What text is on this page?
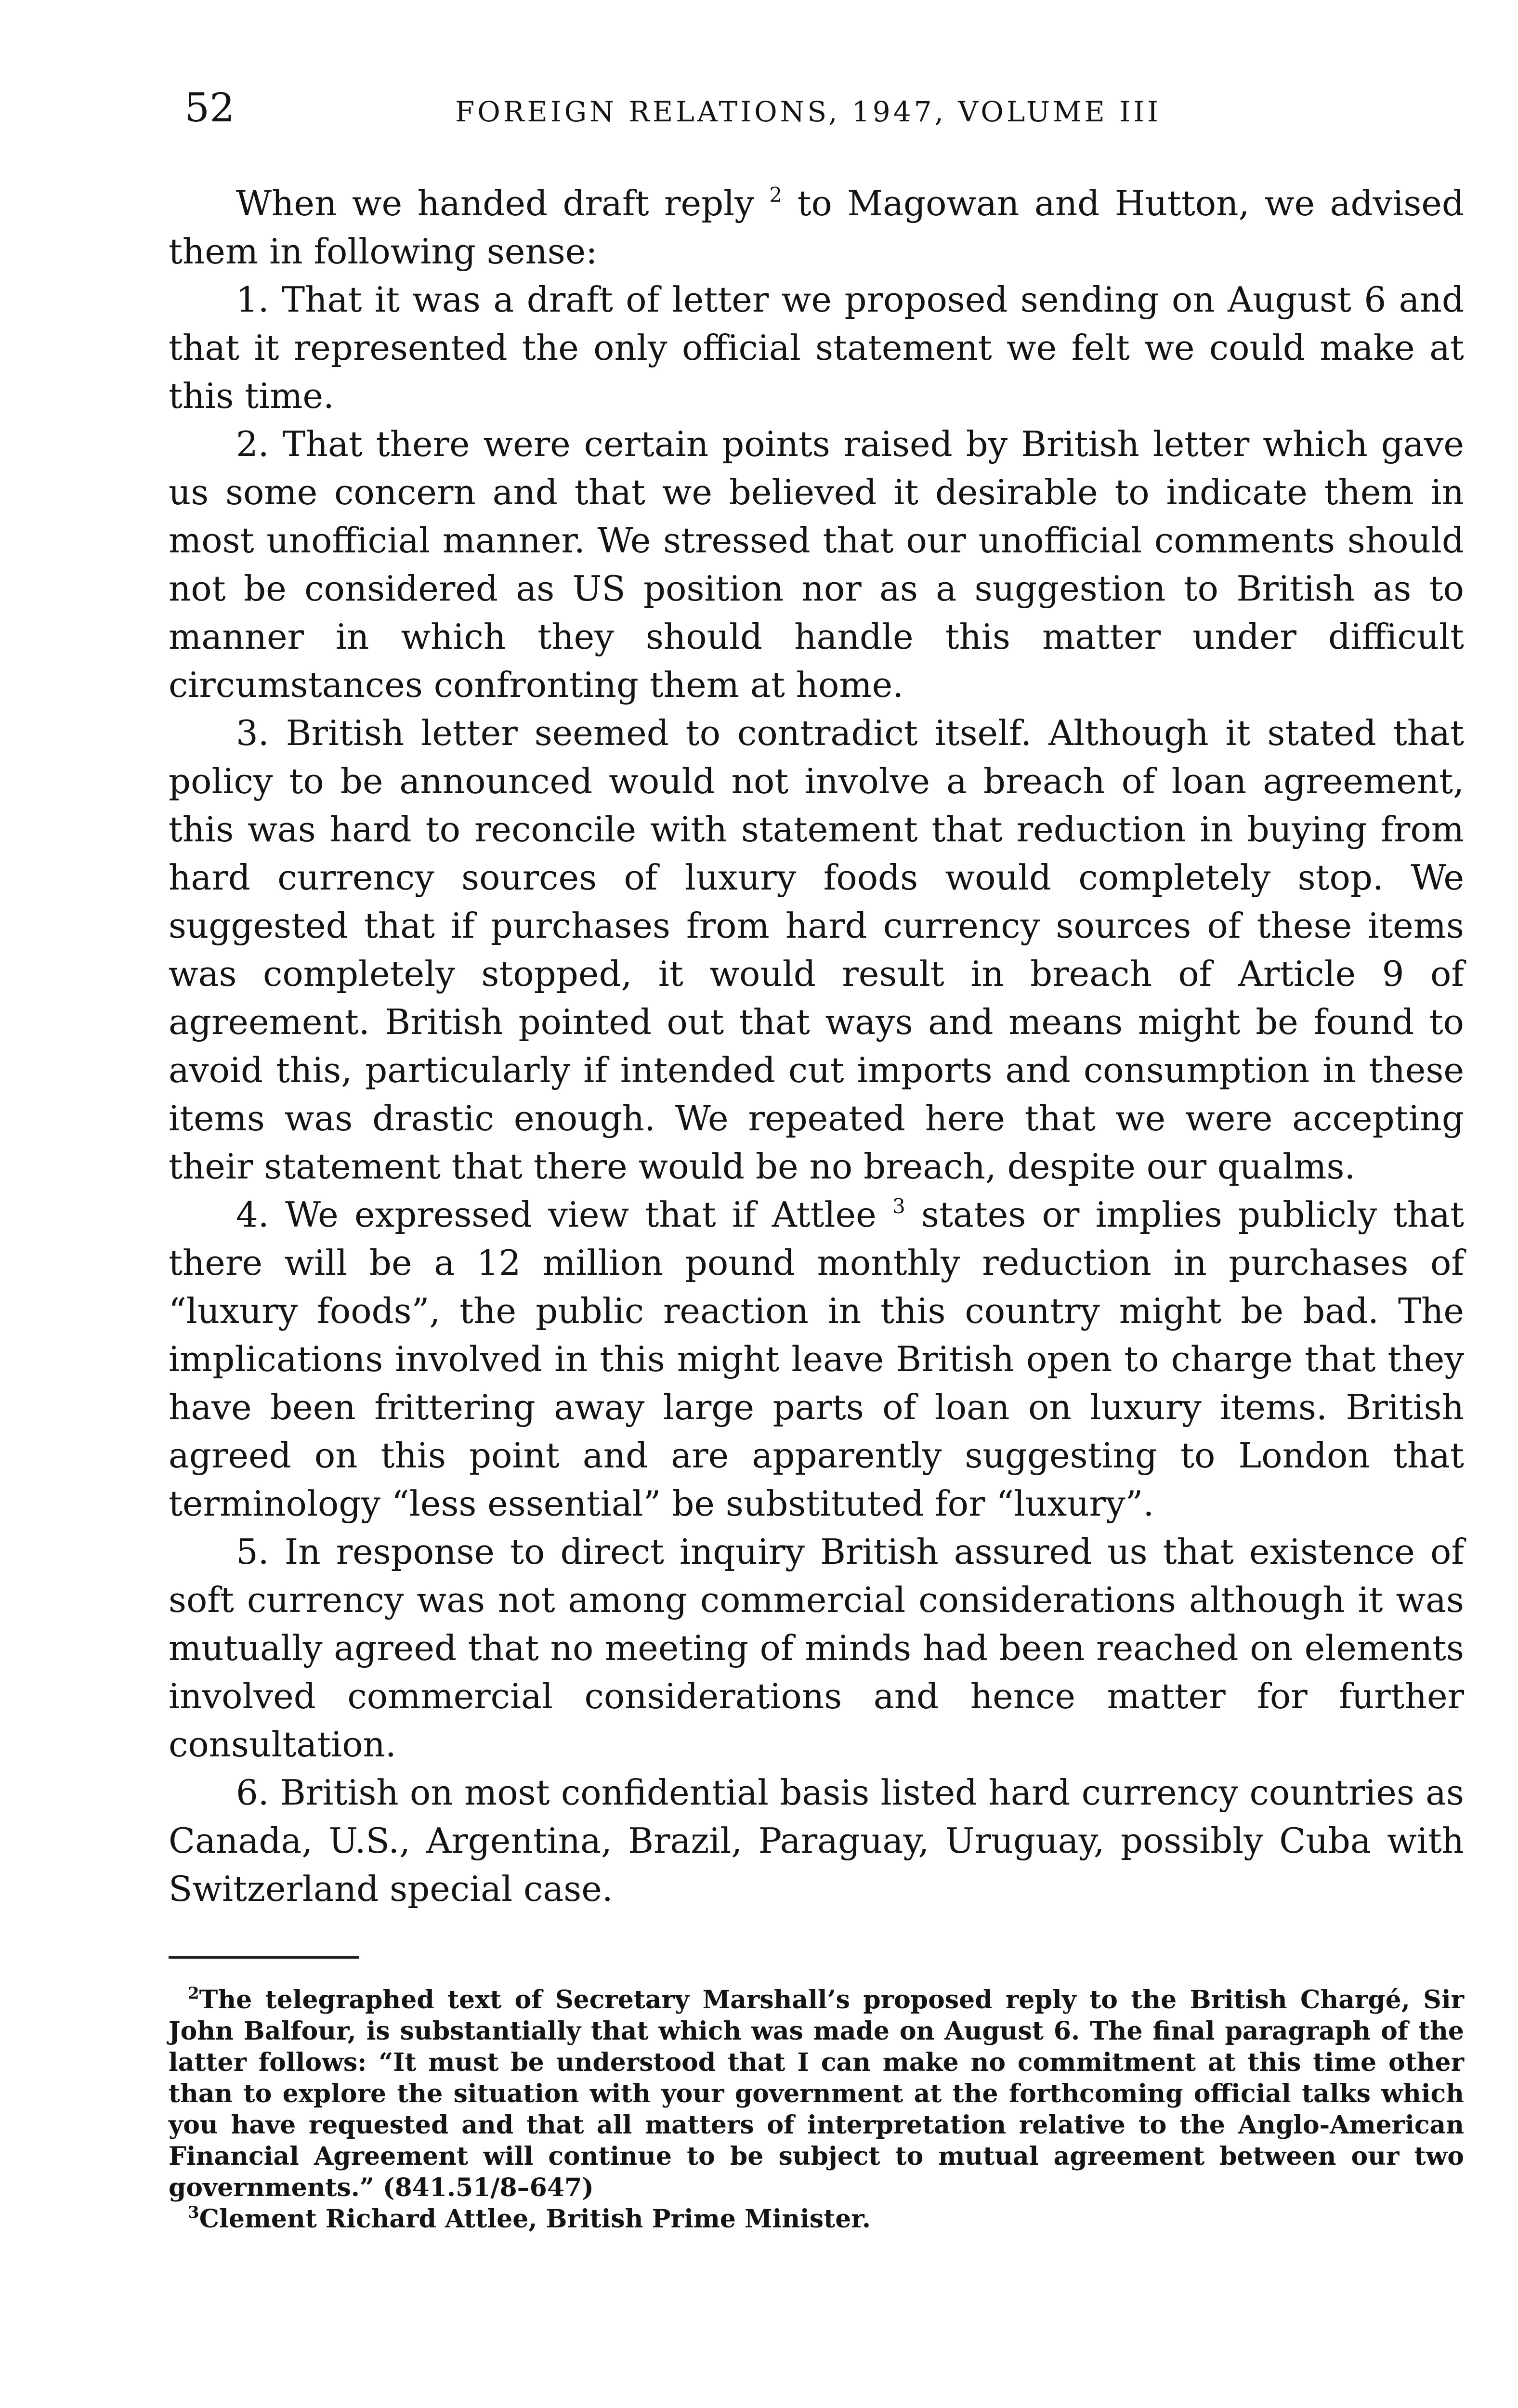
52	FOREIGN RELATIONS, 1947, VOLUME III

When we handed draft reply $^2$ to Magowan and Hutton, we advised them in following sense:

1. That it was a draft of letter we proposed sending on August 6 and that it represented the only official statement we felt we could make at this time.

2. That there were certain points raised by British letter which gave us some concern and that we believed it desirable to indicate them in most unofficial manner. We stressed that our unofficial comments should not be considered as US position nor as a suggestion to British as to manner in which they should handle this matter under difficult circumstances confronting them at home.

3. British letter seemed to contradict itself. Although it stated that policy to be announced would not involve a breach of loan agreement, this was hard to reconcile with statement that reduction in buying from hard currency sources of luxury foods would completely stop. We suggested that if purchases from hard currency sources of these items was completely stopped, it would result in breach of Article 9 of agreement. British pointed out that ways and means might be found to avoid this, particularly if intended cut imports and consumption in these items was drastic enough. We repeated here that we were accepting their statement that there would be no breach, despite our qualms.

4. We expressed view that if Attlee $^3$ states or implies publicly that there will be a 12 million pound monthly reduction in purchases of “luxury foods”, the public reaction in this country might be bad. The implications involved in this might leave British open to charge that they have been frittering away large parts of loan on luxury items. British agreed on this point and are apparently suggesting to London that terminology “less essential” be substituted for “luxury”.

5. In response to direct inquiry British assured us that existence of soft currency was not among commercial considerations although it was mutually agreed that no meeting of minds had been reached on elements involved commercial considerations and hence matter for further consultation.

6. British on most confidential basis listed hard currency countries as Canada, U.S., Argentina, Brazil, Paraguay, Uruguay, possibly Cuba with Switzerland special case.

$^2$The telegraphed text of Secretary Marshall’s proposed reply to the British Chargé, Sir John Balfour, is substantially that which was made on August 6. The final paragraph of the latter follows: “It must be understood that I can make no commitment at this time other than to explore the situation with your government at the forthcoming official talks which you have requested and that all matters of interpretation relative to the Anglo-American Financial Agreement will continue to be subject to mutual agreement between our two governments.” (841.51/8–647)

$^3$Clement Richard Attlee, British Prime Minister.
